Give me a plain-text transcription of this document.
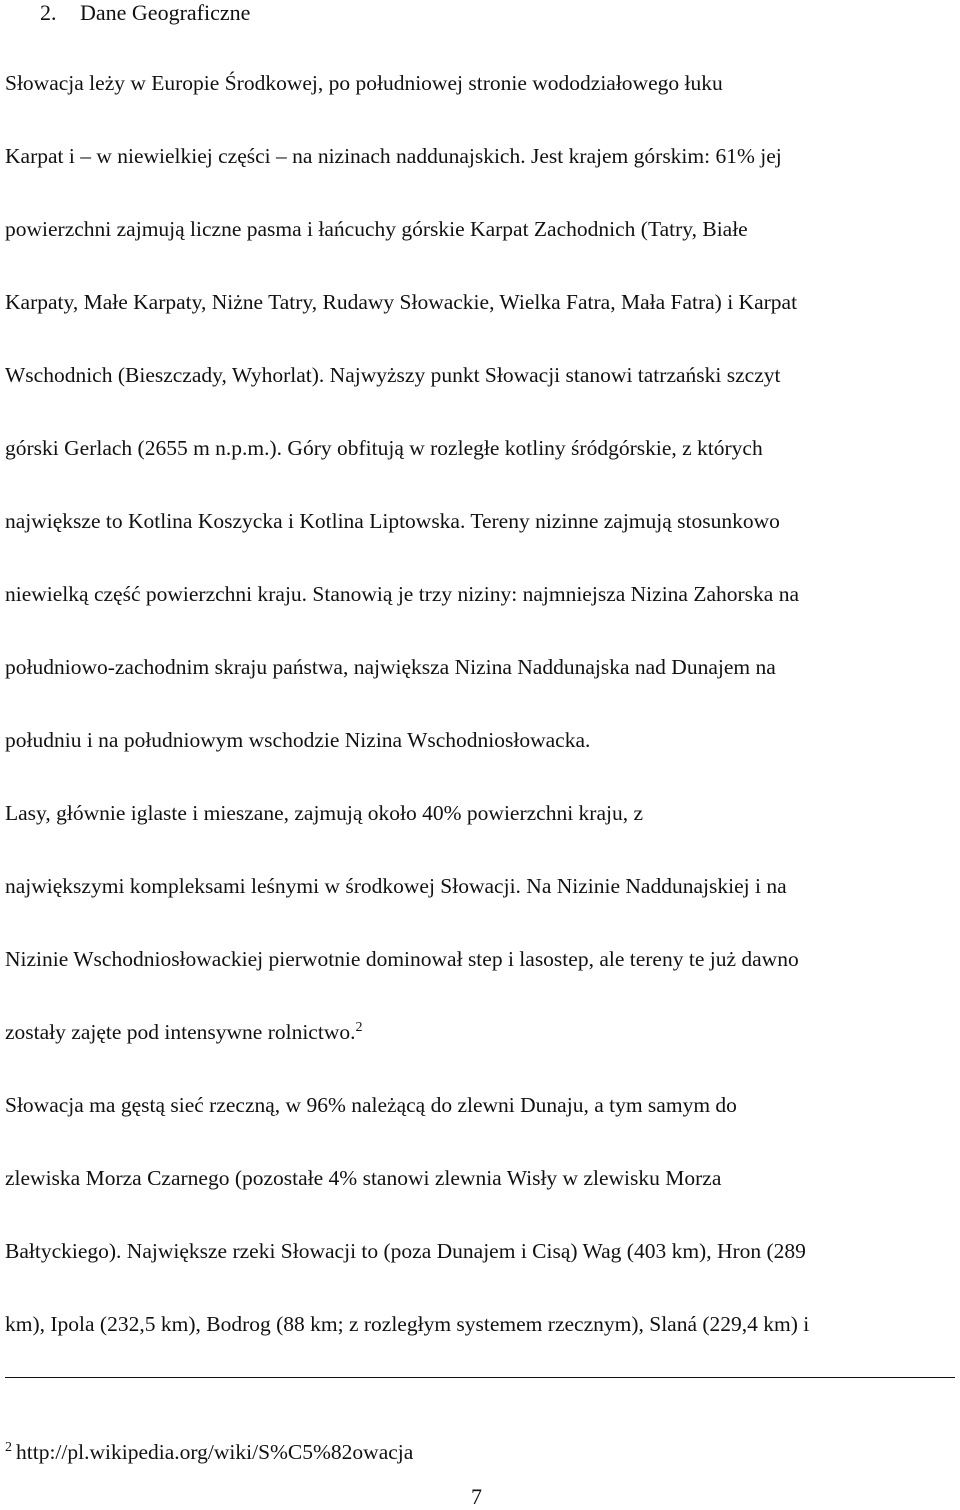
2. Dane Geograficzne
Słowacja leży w Europie Środkowej, po południowej stronie wododziałowego łuku
Karpat i – w niewielkiej części – na nizinach naddunajskich. Jest krajem górskim: 61% jej
powierzchni zajmują liczne pasma i łańcuchy górskie Karpat Zachodnich (Tatry, Białe
Karpaty, Małe Karpaty, Niżne Tatry, Rudawy Słowackie, Wielka Fatra, Mała Fatra) i Karpat
Wschodnich (Bieszczady, Wyhorlat). Najwyższy punkt Słowacji stanowi tatrzański szczyt
górski Gerlach (2655 m n.p.m.). Góry obfitują w rozległe kotliny śródgórskie, z których
największe to Kotlina Koszycka i Kotlina Liptowska. Tereny nizinne zajmują stosunkowo
niewielką część powierzchni kraju. Stanowią je trzy niziny: najmniejsza Nizina Zahorska na
południowo-zachodnim skraju państwa, największa Nizina Naddunajska nad Dunajem na
południu i na południowym wschodzie Nizina Wschodniosłowacka.
Lasy, głównie iglaste i mieszane, zajmują około 40% powierzchni kraju, z
największymi kompleksami leśnymi w środkowej Słowacji. Na Nizinie Naddunajskiej i na
Nizinie Wschodniosłowackiej pierwotnie dominował step i lasostep, ale tereny te już dawno
zostały zajęte pod intensywne rolnictwo.$^2$
Słowacja ma gęstą sieć rzeczną, w 96% należącą do zlewni Dunaju, a tym samym do
zlewiska Morza Czarnego (pozostałe 4% stanowi zlewnia Wisły w zlewisku Morza
Bałtyckiego). Największe rzeki Słowacji to (poza Dunajem i Cisą) Wag (403 km), Hron (289
km), Ipola (232,5 km), Bodrog (88 km; z rozległym systemem rzecznym), Slaná (229,4 km) i
$^2$ http://pl.wikipedia.org/wiki/S%C5%82owacja
7
